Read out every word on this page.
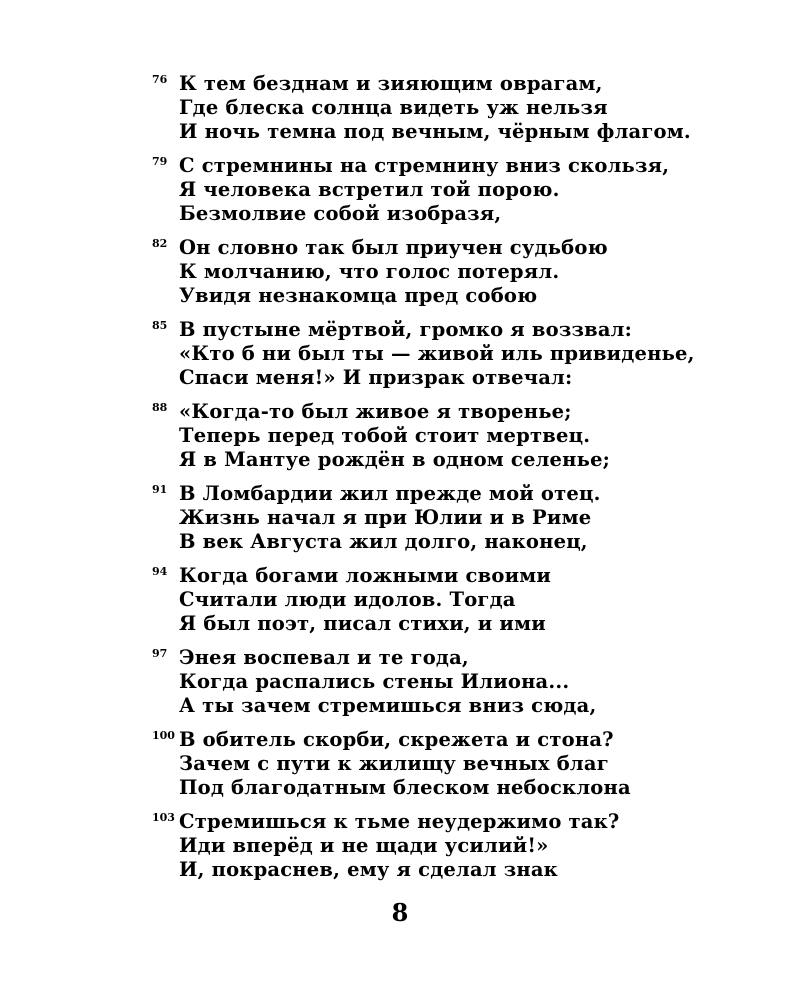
76 К тем безднам и зияющим оврагам,
Где блеска солнца видеть уж нельзя
И ночь темна под вечным, чёрным флагом.
79 С стремнины на стремнину вниз скользя,
Я человека встретил той порою.
Безмолвие собой изобразя,
82 Он словно так был приучен судьбою
К молчанию, что голос потерял.
Увидя незнакомца пред собою
85 В пустыне мёртвой, громко я воззвал:
«Кто б ни был ты — живой иль привиденье,
Спаси меня!» И призрак отвечал:
88 «Когда-то был живое я творенье;
Теперь перед тобой стоит мертвец.
Я в Мантуе рождён в одном селенье;
91 В Ломбардии жил прежде мой отец.
Жизнь начал я при Юлии и в Риме
В век Августа жил долго, наконец,
94 Когда богами ложными своими
Считали люди идолов. Тогда
Я был поэт, писал стихи, и ими
97 Энея воспевал и те года,
Когда распались стены Илиона...
А ты зачем стремишься вниз сюда,
100 В обитель скорби, скрежета и стона?
Зачем с пути к жилищу вечных благ
Под благодатным блеском небосклона
103 Стремишься к тьме неудержимо так?
Иди вперёд и не щади усилий!»
И, покраснев, ему я сделал знак
8
